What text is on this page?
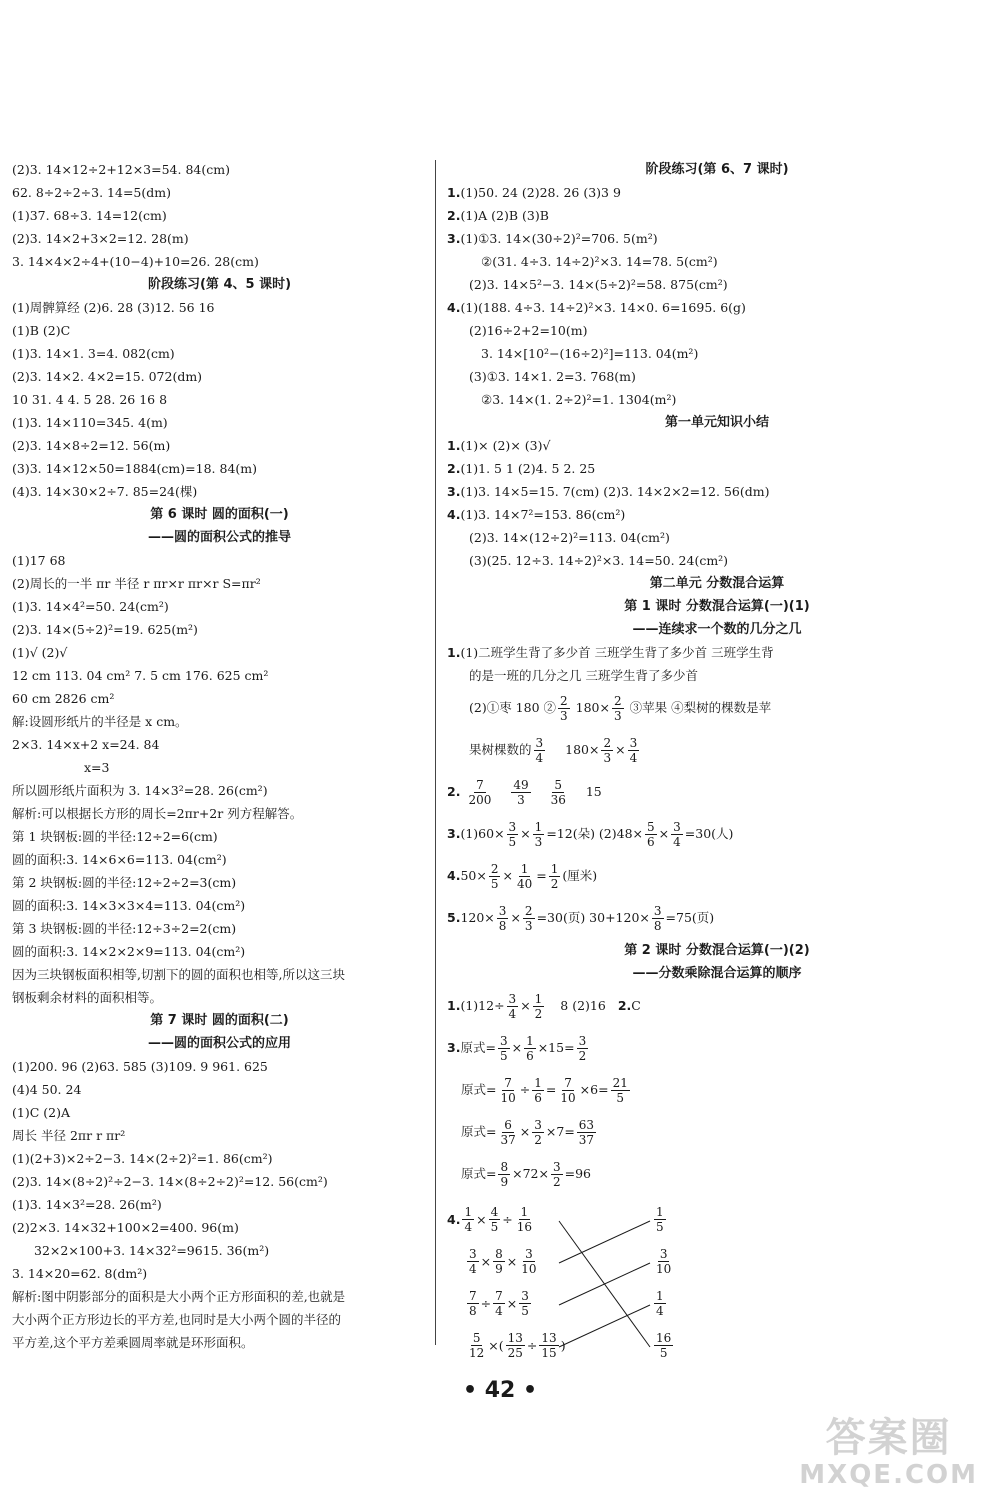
(2)3. 14×12÷2+12×3=54. 84(cm)
62. 8÷2÷2÷3. 14=5(dm)
(1)37. 68÷3. 14=12(cm)
(2)3. 14×2+3×2=12. 28(m)
3. 14×4×2÷4+(10−4)+10=26. 28(cm)
阶段练习(第 4、5 课时)
(1)周髀算经 (2)6. 28 (3)12. 56 16
(1)B (2)C
(1)3. 14×1. 3=4. 082(cm)
(2)3. 14×2. 4×2=15. 072(dm)
10 31. 4 4. 5 28. 26 16 8
(1)3. 14×110=345. 4(m)
(2)3. 14×8÷2=12. 56(m)
(3)3. 14×12×50=1884(cm)=18. 84(m)
(4)3. 14×30×2÷7. 85=24(棵)
第 6 课时 圆的面积(一)
——圆的面积公式的推导
(1)17 68
(2)周长的一半 πr 半径 r πr×r πr×r S=πr²
(1)3. 14×4²=50. 24(cm²)
(2)3. 14×(5÷2)²=19. 625(m²)
(1)√ (2)√
12 cm 113. 04 cm² 7. 5 cm 176. 625 cm²
60 cm 2826 cm²
解:设圆形纸片的半径是 x cm。
2×3. 14×x+2 x=24. 84
x=3
所以圆形纸片面积为 3. 14×3²=28. 26(cm²)
解析:可以根据长方形的周长=2πr+2r 列方程解答。
第 1 块钢板:圆的半径:12÷2=6(cm)
圆的面积:3. 14×6×6=113. 04(cm²)
第 2 块钢板:圆的半径:12÷2÷2=3(cm)
圆的面积:3. 14×3×3×4=113. 04(cm²)
第 3 块钢板:圆的半径:12÷3÷2=2(cm)
圆的面积:3. 14×2×2×9=113. 04(cm²)
因为三块钢板面积相等,切割下的圆的面积也相等,所以这三块
钢板剩余材料的面积相等。
第 7 课时 圆的面积(二)
——圆的面积公式的应用
(1)200. 96 (2)63. 585 (3)109. 9 961. 625
(4)4 50. 24
(1)C (2)A
周长 半径 2πr r πr²
(1)(2+3)×2÷2−3. 14×(2÷2)²=1. 86(cm²)
(2)3. 14×(8÷2)²÷2−3. 14×(8÷2÷2)²=12. 56(cm²)
(1)3. 14×3²=28. 26(m²)
(2)2×3. 14×32+100×2=400. 96(m)
32×2×100+3. 14×32²=9615. 36(m²)
3. 14×20=62. 8(dm²)
解析:图中阴影部分的面积是大小两个正方形面积的差,也就是
大小两个正方形边长的平方差,也同时是大小两个圆的半径的
平方差,这个平方差乘圆周率就是环形面积。
阶段练习(第 6、7 课时)
1.(1)50. 24 (2)28. 26 (3)3 9
2.(1)A (2)B (3)B
3.(1)①3. 14×(30÷2)²=706. 5(m²)
②(31. 4÷3. 14÷2)²×3. 14=78. 5(cm²)
(2)3. 14×5²−3. 14×(5÷2)²=58. 875(cm²)
4.(1)(188. 4÷3. 14÷2)²×3. 14×0. 6=1695. 6(g)
(2)16÷2+2=10(m)
3. 14×[10²−(16÷2)²]=113. 04(m²)
(3)①3. 14×1. 2=3. 768(m)
②3. 14×(1. 2÷2)²=1. 1304(m²)
第一单元知识小结
1.(1)× (2)× (3)√
2.(1)1. 5 1 (2)4. 5 2. 25
3.(1)3. 14×5=15. 7(cm) (2)3. 14×2×2=12. 56(dm)
4.(1)3. 14×7²=153. 86(cm²)
(2)3. 14×(12÷2)²=113. 04(cm²)
(3)(25. 12÷3. 14÷2)²×3. 14=50. 24(cm²)
第二单元 分数混合运算
第 1 课时 分数混合运算(一)(1)
——连续求一个数的几分之几
1.(1)二班学生背了多少首 三班学生背了多少首 三班学生背
的是一班的几分之几 三班学生背了多少首
(2)①枣 180 ② $\frac{2}{3} 180\times \frac{2}{3}$ ③苹果 ④梨树的棵数是苹
果树棵数的 $\frac{3}{4} 180\times \frac{2}{3} \times \frac{3}{4}$
2. $\frac{7}{200}$
$\frac{49}{3}$
$\frac{5}{36} 15$
$3.(1)60\times \frac{3}{5} \times \frac{1}{3} =12$(朵) $(2)48\times \frac{5}{6} \times \frac{3}{4} =30$(人)
$4.50\times \frac{2}{5} \times \frac{1}{40} = \frac{1}{2}$ (厘米)
$5.120\times \frac{3}{8} \times \frac{2}{3} =30$(页) $30+120\times \frac{3}{8} =75$(页)
第 2 课时 分数混合运算(一)(2)
——分数乘除混合运算的顺序
$1.(1)12\div \frac{3}{4} \times \frac{1}{2} 8$ (2)16 2.C
3.原式= $\frac{3}{5} \times \frac{1}{6} \times 15= \frac{3}{2}$
原式= $\frac{7}{10} \div \frac{1}{6} = \frac{7}{10} \times 6= \frac{21}{5}$
原式= $\frac{6}{37} \times \frac{3}{2} \times 7= \frac{63}{37}$
原式= $\frac{8}{9} \times 72\times \frac{3}{2} =96$
4. $\frac{1}{4} \times \frac{4}{5} \div \frac{1}{16}$
$\frac{3}{4} \times \frac{8}{9} \times \frac{3}{10}$
$\frac{7}{8} \div \frac{7}{4} \times \frac{3}{5}$
$\frac{5}{12}$ ×( $\frac{13}{25} \div \frac{13}{15}$ )
$\frac{1}{5}$
$\frac{3}{10}$
$\frac{1}{4}$
$\frac{16}{5}$
• 42 •
答案圈
MXQE.COM
